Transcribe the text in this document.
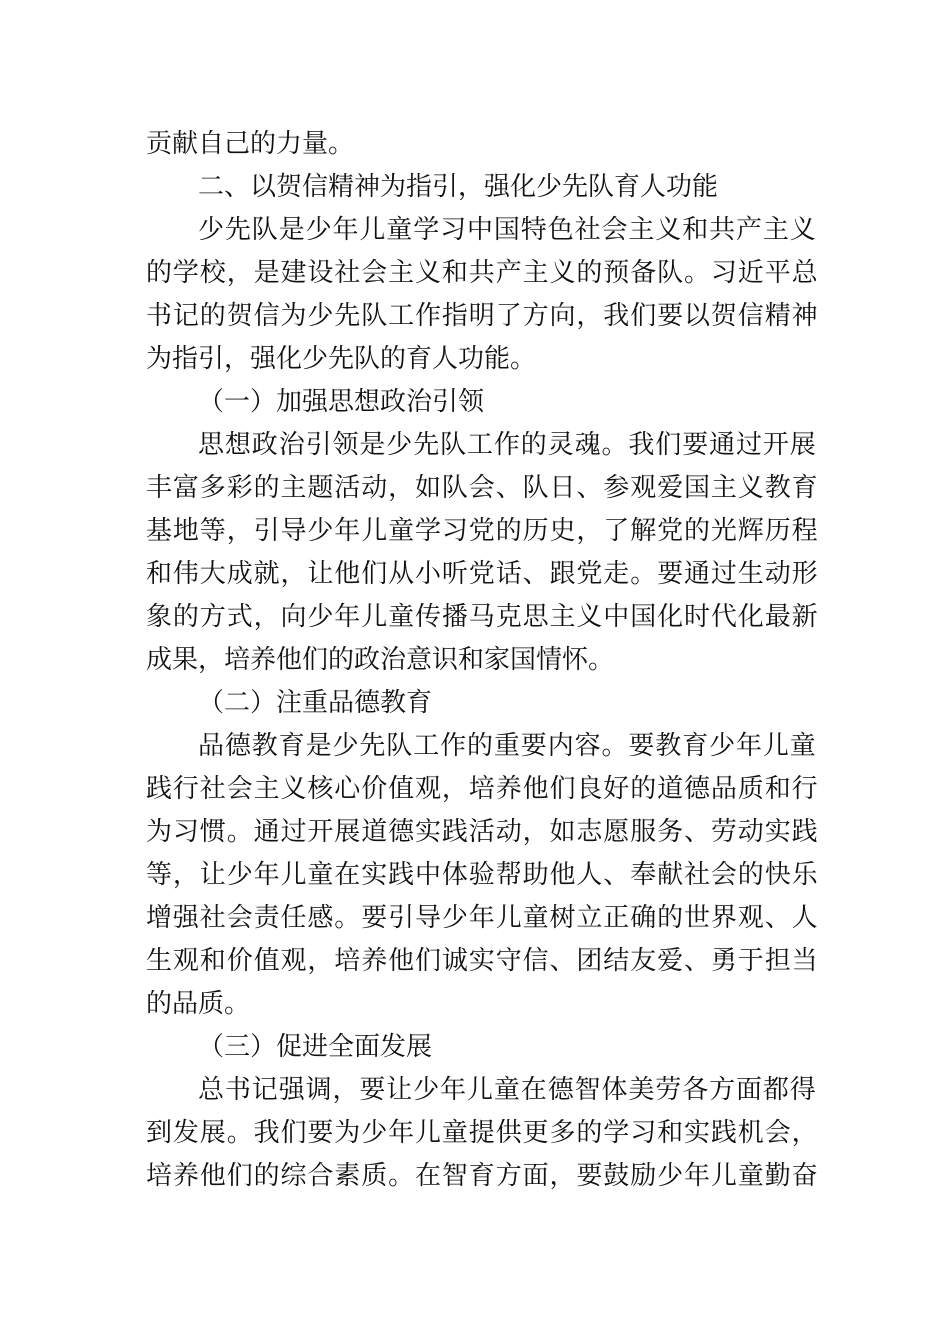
贡献自己的力量。
二、以贺信精神为指引，强化少先队育人功能
少先队是少年儿童学习中国特色社会主义和共产主义
的学校，是建设社会主义和共产主义的预备队。习近平总
书记的贺信为少先队工作指明了方向，我们要以贺信精神
为指引，强化少先队的育人功能。
（一）加强思想政治引领
思想政治引领是少先队工作的灵魂。我们要通过开展
丰富多彩的主题活动，如队会、队日、参观爱国主义教育
基地等，引导少年儿童学习党的历史，了解党的光辉历程
和伟大成就，让他们从小听党话、跟党走。要通过生动形
象的方式，向少年儿童传播马克思主义中国化时代化最新
成果，培养他们的政治意识和家国情怀。
（二）注重品德教育
品德教育是少先队工作的重要内容。要教育少年儿童
践行社会主义核心价值观，培养他们良好的道德品质和行
为习惯。通过开展道德实践活动，如志愿服务、劳动实践
等，让少年儿童在实践中体验帮助他人、奉献社会的快乐
增强社会责任感。要引导少年儿童树立正确的世界观、人
生观和价值观，培养他们诚实守信、团结友爱、勇于担当
的品质。
（三）促进全面发展
总书记强调，要让少年儿童在德智体美劳各方面都得
到发展。我们要为少年儿童提供更多的学习和实践机会，
培养他们的综合素质。在智育方面，要鼓励少年儿童勤奋
